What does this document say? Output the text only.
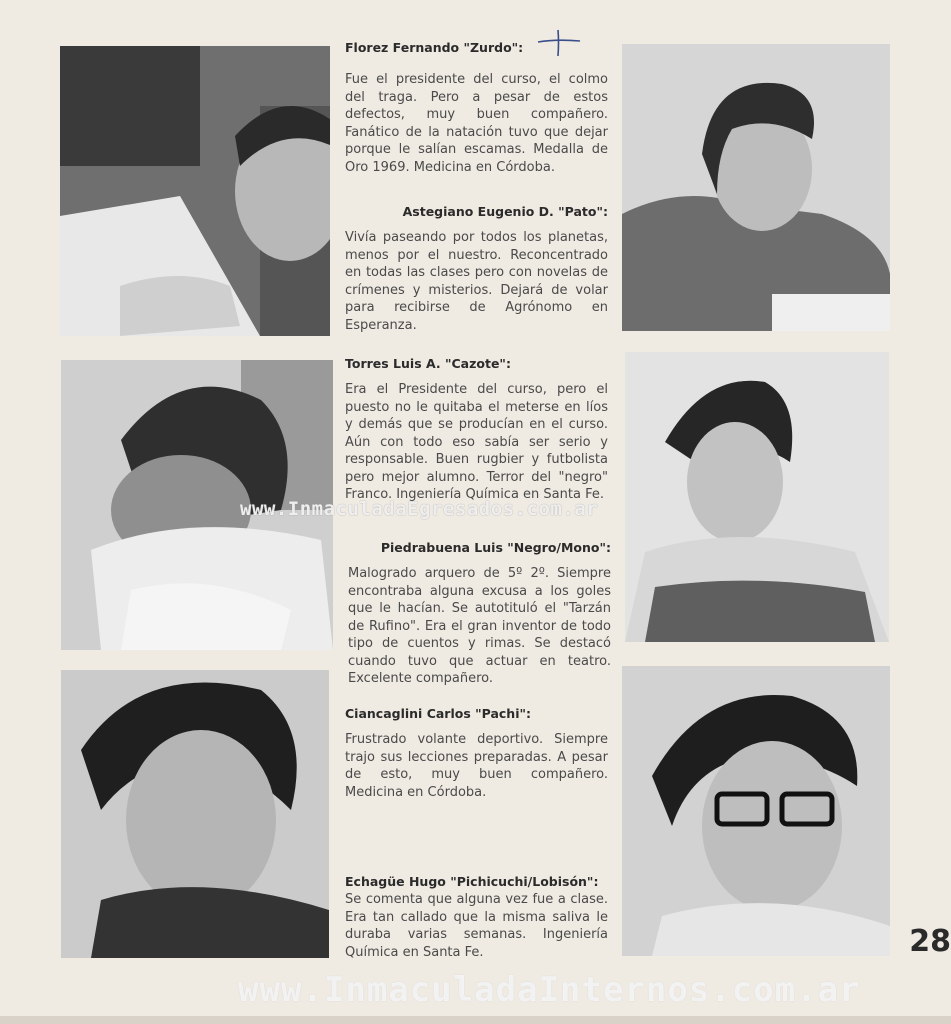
Florez Fernando "Zurdo":
Fue el presidente del curso, el colmo del traga. Pero a pesar de estos defectos, muy buen compañero. Fanático de la natación tuvo que dejar porque le salían escamas. Medalla de Oro 1969. Medicina en Córdoba.
Astegiano Eugenio D. "Pato":
Vivía paseando por todos los planetas, menos por el nuestro. Reconcentrado en todas las clases pero con novelas de crímenes y misterios. Dejará de volar para recibirse de Agrónomo en Esperanza.
Torres Luis A. "Cazote":
Era el Presidente del curso, pero el puesto no le quitaba el meterse en líos y demás que se producían en el curso. Aún con todo eso sabía ser serio y responsable. Buen rugbier y futbolista pero mejor alumno. Terror del "negro" Franco. Ingeniería Química en Santa Fe.
Piedrabuena Luis "Negro/Mono":
Malogrado arquero de 5º 2º. Siempre encontraba alguna excusa a los goles que le hacían. Se autotituló el "Tarzán de Rufino". Era el gran inventor de todo tipo de cuentos y rimas. Se destacó cuando tuvo que actuar en teatro. Excelente compañero.
Ciancaglini Carlos "Pachi":
Frustrado volante deportivo. Siempre trajo sus lecciones preparadas. A pesar de esto, muy buen compañero. Medicina en Córdoba.
Echagüe Hugo "Pichicuchi/Lobisón":
Se comenta que alguna vez fue a clase. Era tan callado que la misma saliva le duraba varias semanas. Ingeniería Química en Santa Fe.
www.InmaculadaEgresados.com.ar
www.InmaculadaInternos.com.ar
28
